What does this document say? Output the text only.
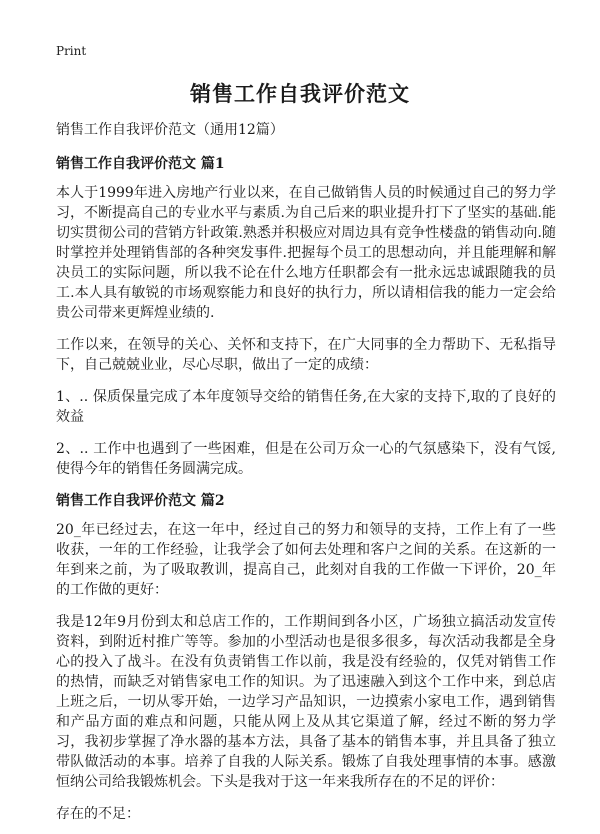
Print
销售工作自我评价范文

销售工作自我评价范文（通用12篇）

销售工作自我评价范文 篇1

本人于1999年进入房地产行业以来，在自己做销售人员的时候通过自己的努力学习，不断提高自己的专业水平与素质.为自己后来的职业提升打下了坚实的基础.能切实贯彻公司的营销方针政策.熟悉并积极应对周边具有竞争性楼盘的销售动向.随时掌控并处理销售部的各种突发事件.把握每个员工的思想动向，并且能理解和解决员工的实际问题，所以我不论在什么地方任职都会有一批永远忠诚跟随我的员工.本人具有敏锐的市场观察能力和良好的执行力，所以请相信我的能力一定会给贵公司带来更辉煌业绩的.

工作以来，在领导的关心、关怀和支持下，在广大同事的全力帮助下、无私指导下，自己兢兢业业，尽心尽职，做出了一定的成绩：

1、.. 保质保量完成了本年度领导交给的销售任务,在大家的支持下,取的了良好的效益

2、.. 工作中也遇到了一些困难，但是在公司万众一心的气氛感染下，没有气馁,使得今年的销售任务圆满完成。

销售工作自我评价范文 篇2

20_年已经过去，在这一年中，经过自己的努力和领导的支持，工作上有了一些收获，一年的工作经验，让我学会了如何去处理和客户之间的关系。在这新的一年到来之前，为了吸取教训，提高自己，此刻对自我的工作做一下评价，20_年的工作做的更好：

我是12年9月份到太和总店工作的，工作期间到各小区，广场独立搞活动发宣传资料，到附近村推广等等。参加的小型活动也是很多很多，每次活动我都是全身心的投入了战斗。在没有负责销售工作以前，我是没有经验的，仅凭对销售工作的热情，而缺乏对销售家电工作的知识。为了迅速融入到这个工作中来，到总店上班之后，一切从零开始，一边学习产品知识，一边摸索小家电工作，遇到销售和产品方面的难点和问题，只能从网上及从其它渠道了解，经过不断的努力学习，我初步掌握了净水器的基本方法，具备了基本的销售本事，并且具备了独立带队做活动的本事。培养了自我的人际关系。锻炼了自我处理事情的本事。感激恒纳公司给我锻炼机会。下头是我对于这一年来我所存在的不足的评价：

存在的不足：
